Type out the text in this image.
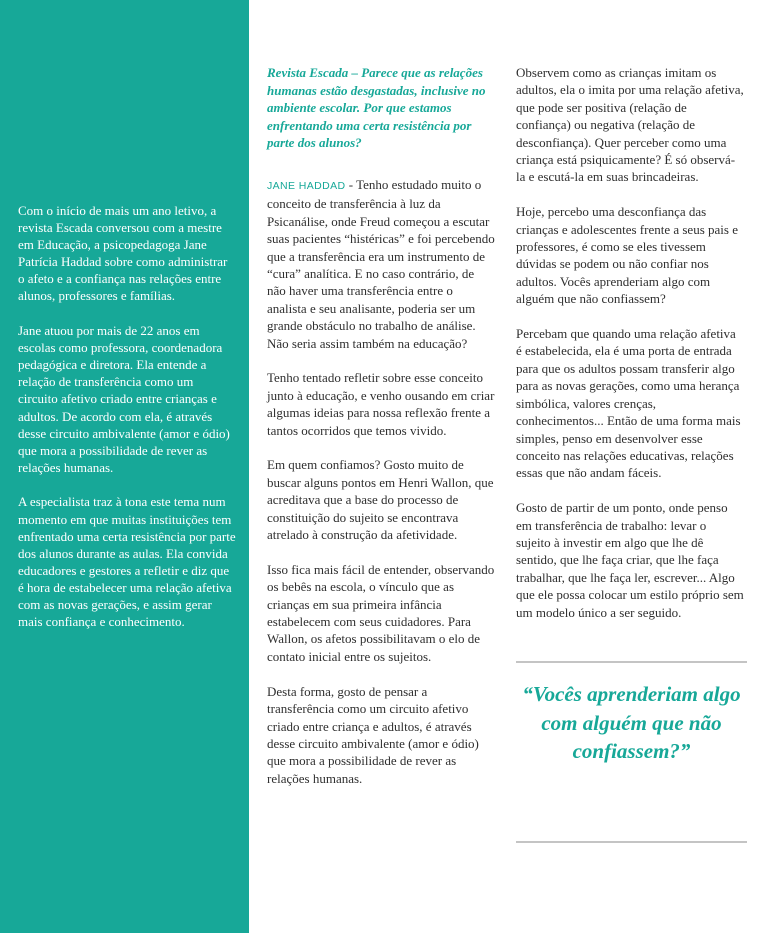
Com o início de mais um ano letivo, a revista Escada conversou com a mestre em Educação, a psicopedagoga Jane Patrícia Haddad sobre como administrar o afeto e a confiança nas relações entre alunos, professores e famílias.

Jane atuou por mais de 22 anos em escolas como professora, coordenadora pedagógica e diretora. Ela entende a relação de transferência como um circuito afetivo criado entre crianças e adultos. De acordo com ela, é através desse circuito ambivalente (amor e ódio) que mora a possibilidade de rever as relações humanas.

A especialista traz à tona este tema num momento em que muitas instituições tem enfrentado uma certa resistência por parte dos alunos durante as aulas. Ela convida educadores e gestores a refletir e diz que é hora de estabelecer uma relação afetiva com as novas gerações, e assim gerar mais confiança e conhecimento.

Revista Escada – Parece que as relações humanas estão desgastadas, inclusive no ambiente escolar. Por que estamos enfrentando uma certa resistência por parte dos alunos?

JANE HADDAD - Tenho estudado muito o conceito de transferência à luz da Psicanálise, onde Freud começou a escutar suas pacientes “histéricas” e foi percebendo que a transferência era um instrumento de “cura” analítica. E no caso contrário, de não haver uma transferência entre o analista e seu analisante, poderia ser um grande obstáculo no trabalho de análise. Não seria assim também na educação?

Tenho tentado refletir sobre esse conceito junto à educação, e venho ousando em criar algumas ideias para nossa reflexão frente a tantos ocorridos que temos vivido.

Em quem confiamos? Gosto muito de buscar alguns pontos em Henri Wallon, que acreditava que a base do processo de constituição do sujeito se encontrava atrelado à construção da afetividade.

Isso fica mais fácil de entender, observando os bebês na escola, o vínculo que as crianças em sua primeira infância estabelecem com seus cuidadores. Para Wallon, os afetos possibilitavam o elo de contato inicial entre os sujeitos.

Desta forma, gosto de pensar a transferência como um circuito afetivo criado entre criança e adultos, é através desse circuito ambivalente (amor e ódio) que mora a possibilidade de rever as relações humanas.

Observem como as crianças imitam os adultos, ela o imita por uma relação afetiva, que pode ser positiva (relação de confiança) ou negativa (relação de desconfiança). Quer perceber como uma criança está psiquicamente? É só observá-la e escutá-la em suas brincadeiras.

Hoje, percebo uma desconfiança das crianças e adolescentes frente a seus pais e professores, é como se eles tivessem dúvidas se podem ou não confiar nos adultos. Vocês aprenderiam algo com alguém que não confiassem?

Percebam que quando uma relação afetiva é estabelecida, ela é uma porta de entrada para que os adultos possam transferir algo para as novas gerações, como uma herança simbólica, valores crenças, conhecimentos... Então de uma forma mais simples, penso em desenvolver esse conceito nas relações educativas, relações essas que não andam fáceis.

Gosto de partir de um ponto, onde penso em transferência de trabalho: levar o sujeito à investir em algo que lhe dê sentido, que lhe faça criar, que lhe faça trabalhar, que lhe faça ler, escrever... Algo que ele possa colocar um estilo próprio sem um modelo único a ser seguido.

“Vocês aprenderiam algo com alguém que não confiassem?”
